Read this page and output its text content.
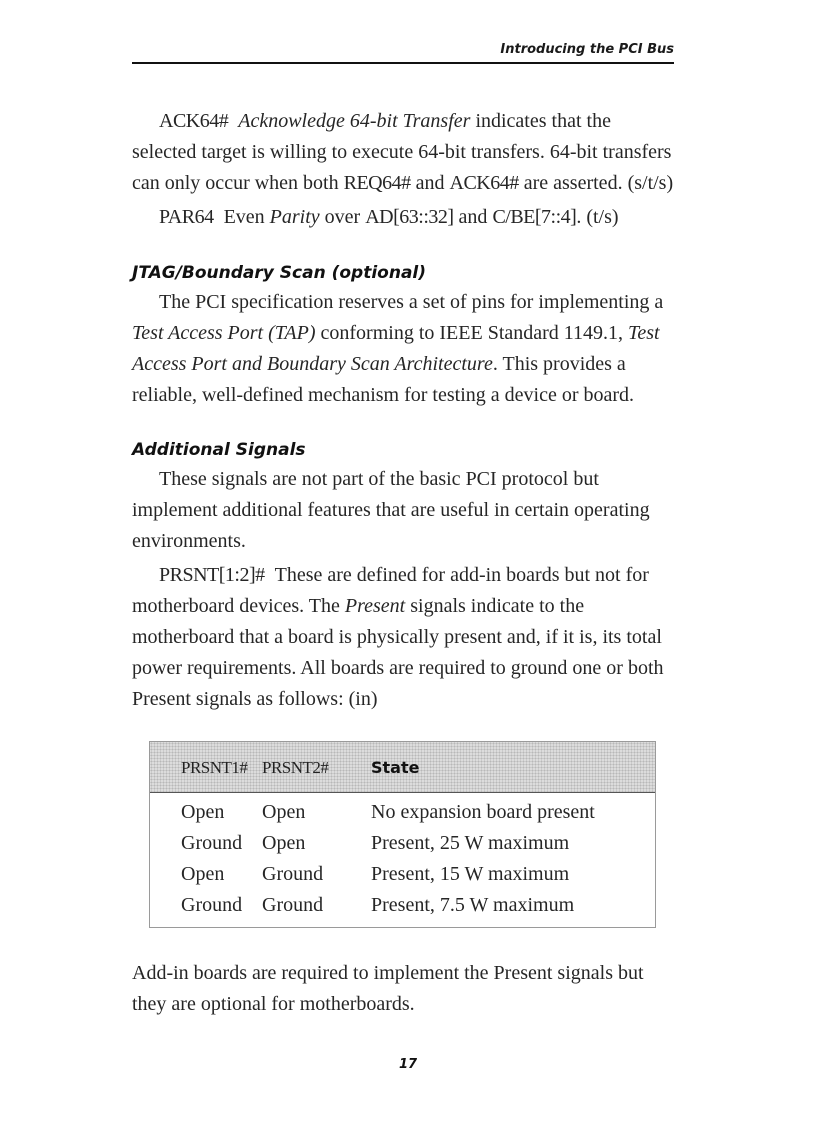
Introducing the PCI Bus

ACK64# Acknowledge 64-bit Transfer indicates that the selected target is willing to execute 64-bit transfers. 64-bit transfers can only occur when both REQ64# and ACK64# are asserted. (s/t/s)

PAR64 Even Parity over AD[63::32] and C/BE[7::4]. (t/s)

JTAG/Boundary Scan (optional)

The PCI specification reserves a set of pins for implementing a Test Access Port (TAP) conforming to IEEE Standard 1149.1, Test Access Port and Boundary Scan Architecture. This provides a reliable, well-defined mechanism for testing a device or board.

Additional Signals

These signals are not part of the basic PCI protocol but implement additional features that are useful in certain operating environments.

PRSNT[1:2]# These are defined for add-in boards but not for motherboard devices. The Present signals indicate to the motherboard that a board is physically present and, if it is, its total power requirements. All boards are required to ground one or both Present signals as follows: (in)

PRSNT1# PRSNT2#	State
Open	Open	No expansion board present
Ground Open	Present, 25 W maximum
Open	Ground	Present, 15 W maximum
Ground Ground	Present, 7.5 W maximum

Add-in boards are required to implement the Present signals but they are optional for motherboards.

17
